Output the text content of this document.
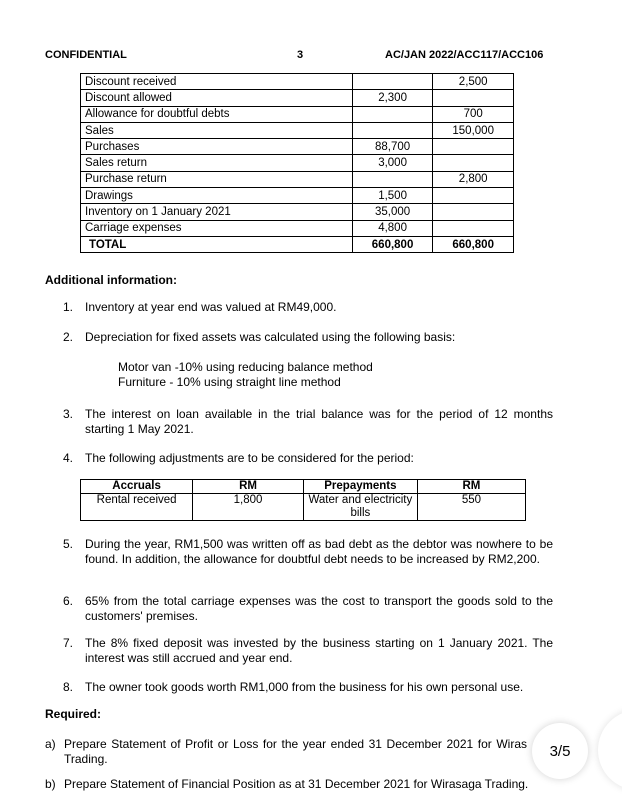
CONFIDENTIAL	3	AC/JAN 2022/ACC117/ACC106
Discount received		2,500
Discount allowed	2,300	
Allowance for doubtful debts		700
Sales		150,000
Purchases	88,700	
Sales return	3,000	
Purchase return		2,800
Drawings	1,500	
Inventory on 1 January 2021	35,000	
Carriage expenses	4,800	
TOTAL	660,800	660,800
Additional information:
1. Inventory at year end was valued at RM49,000.
2. Depreciation for fixed assets was calculated using the following basis:
Motor van -10% using reducing balance method
Furniture - 10% using straight line method
3. The interest on loan available in the trial balance was for the period of 12 months starting 1 May 2021.
4. The following adjustments are to be considered for the period:
Accruals	RM	Prepayments	RM
Rental received	1,800	Water and electricity bills	550
5. During the year, RM1,500 was written off as bad debt as the debtor was nowhere to be found. In addition, the allowance for doubtful debt needs to be increased by RM2,200.
6. 65% from the total carriage expenses was the cost to transport the goods sold to the customers' premises.
7. The 8% fixed deposit was invested by the business starting on 1 January 2021. The interest was still accrued and year end.
8. The owner took goods worth RM1,000 from the business for his own personal use.
Required:
a) Prepare Statement of Profit or Loss for the year ended 31 December 2021 for Wiras Trading.
b) Prepare Statement of Financial Position as at 31 December 2021 for Wirasaga Trading.
3/5
